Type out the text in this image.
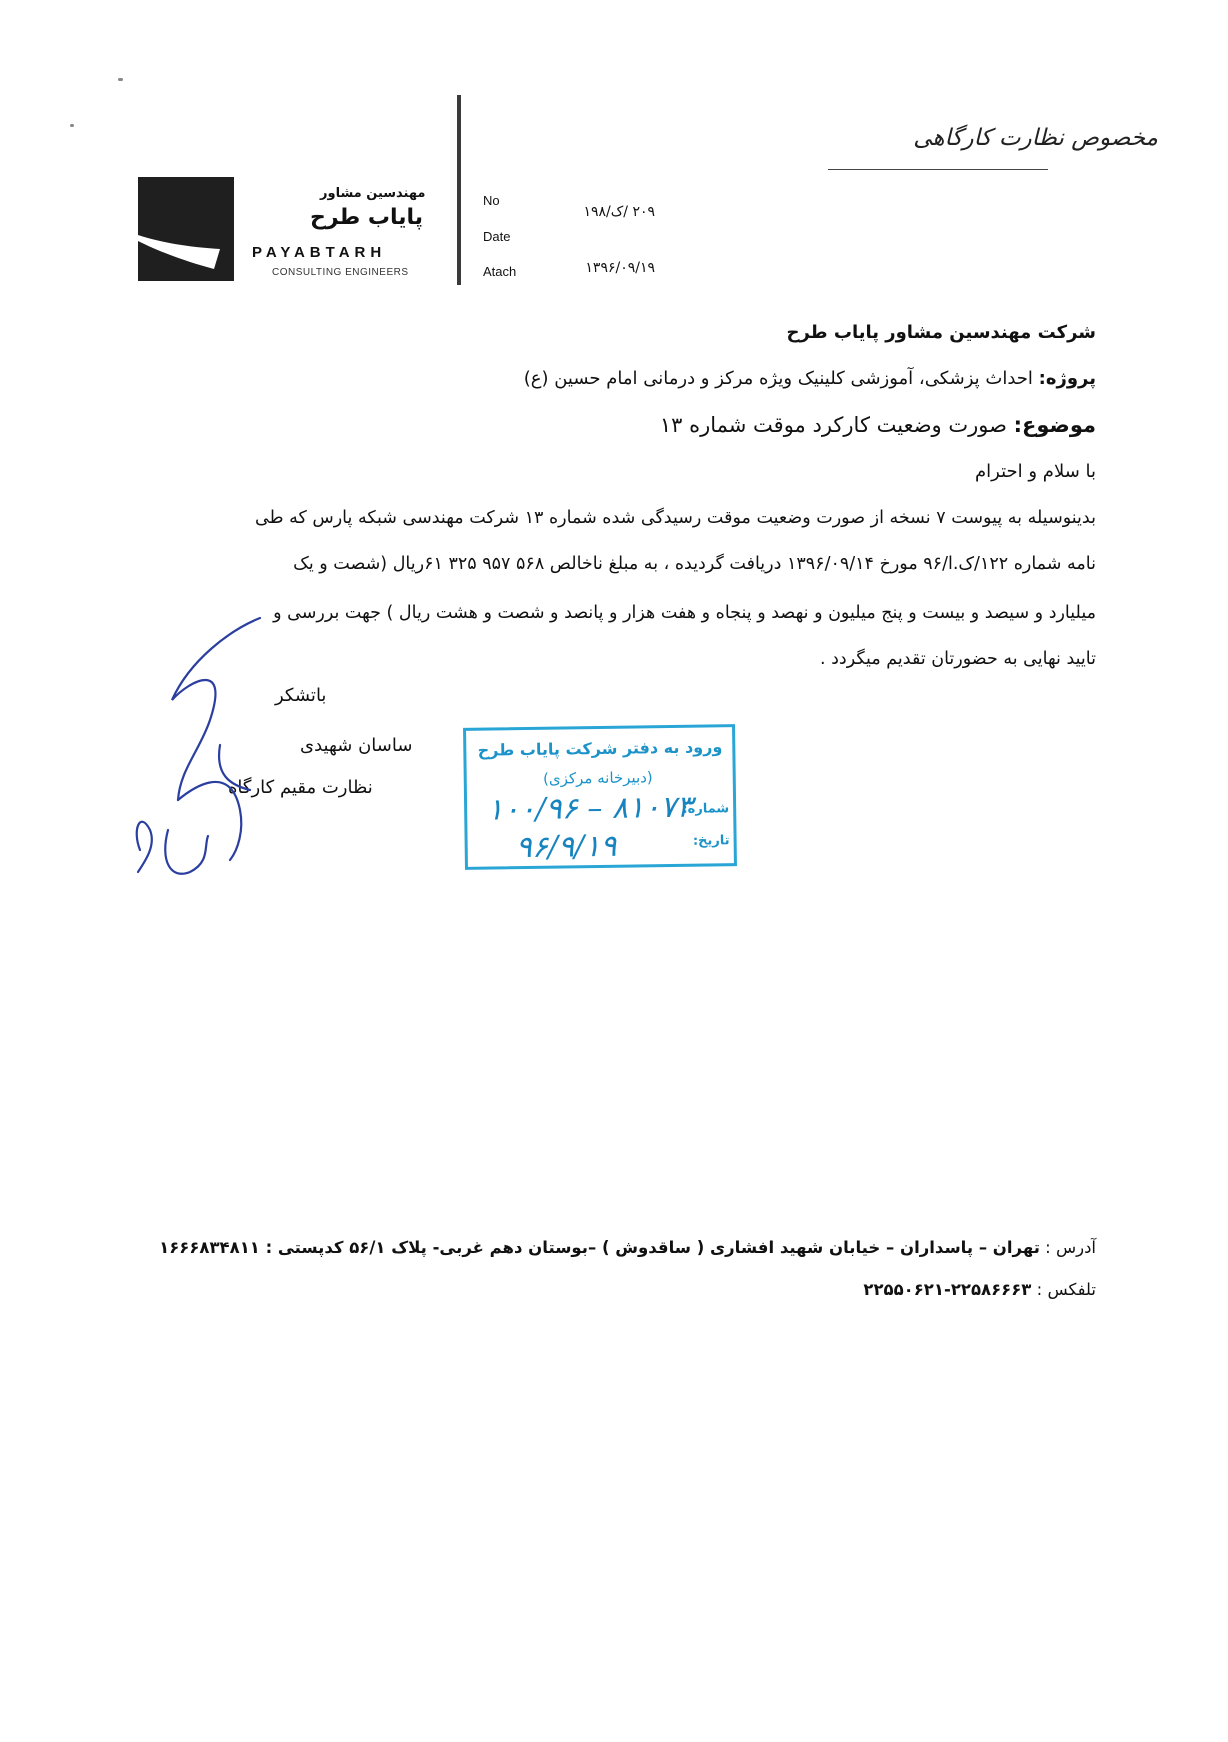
مخصوص نظارت کارگاهی
مهندسین مشاور
پایاب طرح
PAYABTARH
CONSULTING ENGINEERS
No
Date
Atach
۲۰۹ /ک/۱۹۸
۱۳۹۶/۰۹/۱۹
شرکت مهندسین مشاور پایاب طرح
پروژه: احداث پزشکی، آموزشی کلینیک ویژه مرکز و درمانی امام حسین (ع)
موضوع: صورت وضعیت کارکرد موقت شماره ۱۳
با سلام و احترام
بدینوسیله به پیوست ۷ نسخه از صورت وضعیت موقت رسیدگی شده شماره ۱۳ شرکت مهندسی شبکه پارس که طی
نامه شماره ۱۲۲/ک.ا/۹۶ مورخ ۱۳۹۶/۰۹/۱۴ دریافت گردیده ، به مبلغ ناخالص ۵۶۸ ۹۵۷ ۳۲۵ ۶۱ریال (شصت و یک
میلیارد و سیصد و بیست و پنج میلیون و نهصد و پنجاه و هفت هزار و پانصد و شصت و هشت ریال ) جهت بررسی و
تایید نهایی به حضورتان تقدیم میگردد .
باتشکر
ساسان شهیدی
نظارت مقیم کارگاه
ورود به دفتر شرکت پایاب طرح
(دبیرخانه مرکزی)
شماره:
تاریخ:
۱۰۰/۹۶ – ۸۱۰۷۳
۹۶/۹/۱۹
آدرس : تهران – پاسداران – خیابان شهید افشاری ( ساقدوش ) –بوستان دهم غربی- پلاک ۵۶/۱ کدپستی : ۱۶۶۶۸۳۴۸۱۱
تلفکس : ۲۲۵۸۶۶۶۳-۲۲۵۵۰۶۲۱
